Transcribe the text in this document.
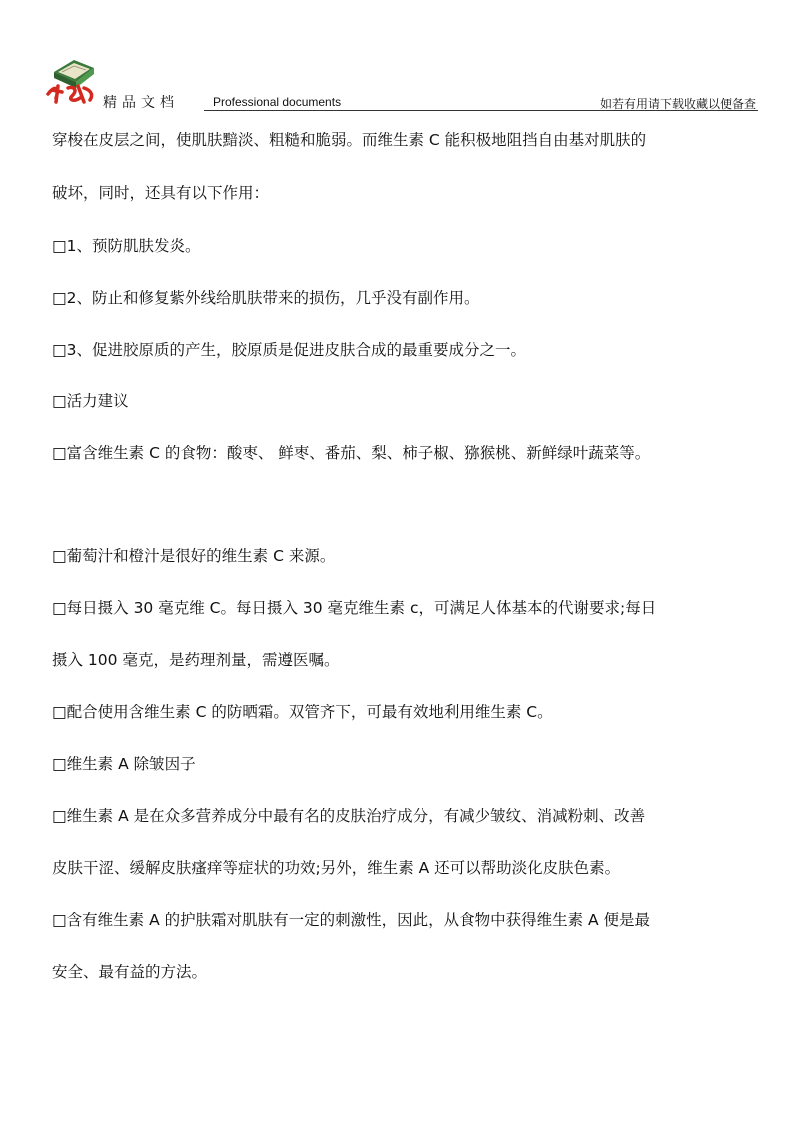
精品文档	Professional documents	如若有用请下载收藏以便备查
穿梭在皮层之间，使肌肤黯淡、粗糙和脆弱。而维生素 C 能积极地阻挡自由基对肌肤的
破坏，同时，还具有以下作用：
□1、预防肌肤发炎。
□2、防止和修复紫外线给肌肤带来的损伤，几乎没有副作用。
□3、促进胶原质的产生，胶原质是促进皮肤合成的最重要成分之一。
□活力建议
□富含维生素 C 的食物：酸枣、 鲜枣、番茄、梨、柿子椒、猕猴桃、新鲜绿叶蔬菜等。
□葡萄汁和橙汁是很好的维生素 C 来源。
□每日摄入 30 毫克维 C。每日摄入 30 毫克维生素 c，可满足人体基本的代谢要求;每日
摄入 100 毫克，是药理剂量，需遵医嘱。
□配合使用含维生素 C 的防晒霜。双管齐下，可最有效地利用维生素 C。
□维生素 A 除皱因子
□维生素 A 是在众多营养成分中最有名的皮肤治疗成分，有减少皱纹、消减粉刺、改善
皮肤干涩、缓解皮肤瘙痒等症状的功效;另外，维生素 A 还可以帮助淡化皮肤色素。
□含有维生素 A 的护肤霜对肌肤有一定的刺激性，因此，从食物中获得维生素 A 便是最
安全、最有益的方法。
